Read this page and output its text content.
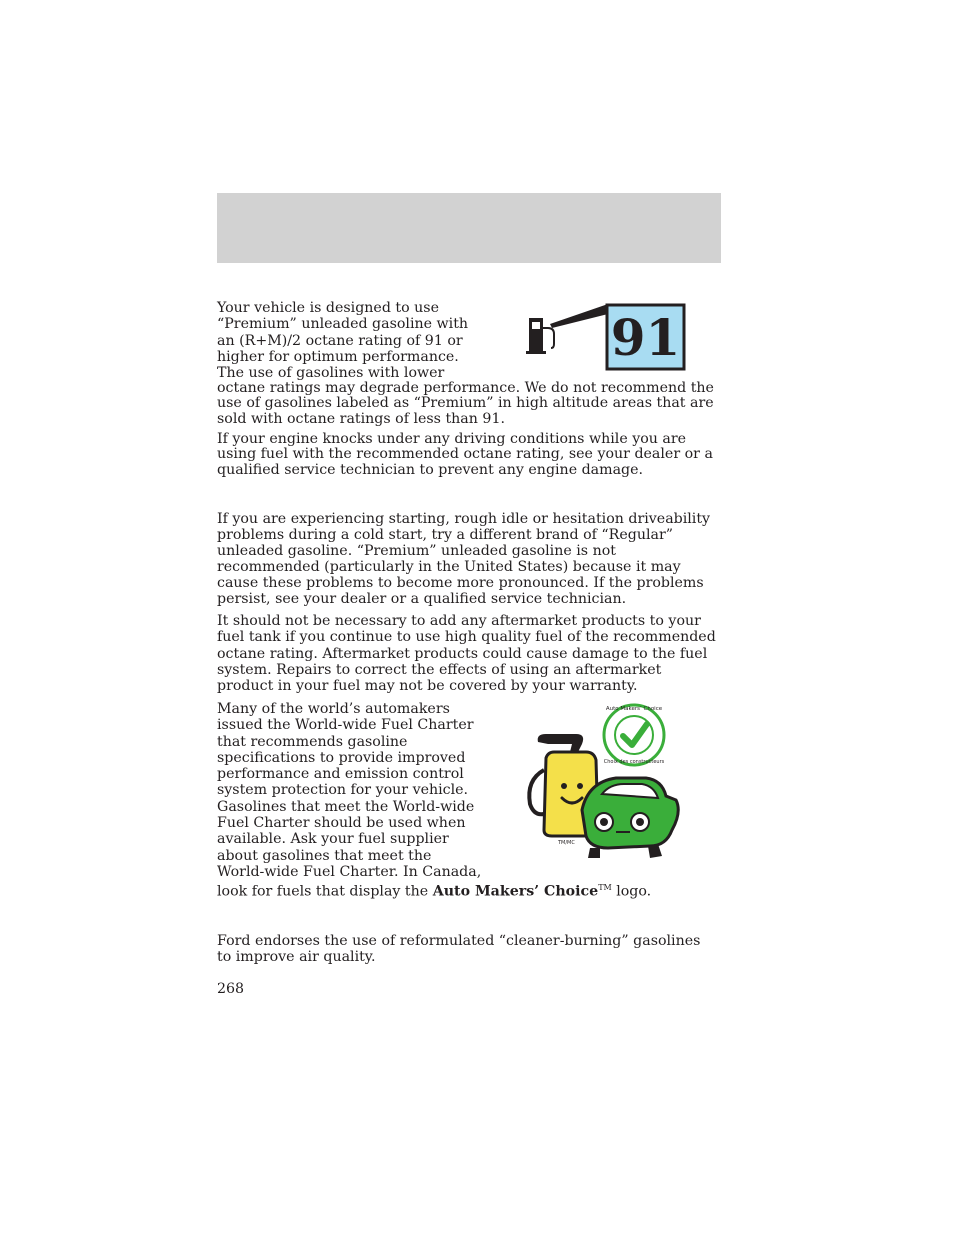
91
Your vehicle is designed to use
“Premium” unleaded gasoline with
an (R+M)/2 octane rating of 91 or
higher for optimum performance.
The use of gasolines with lower

octane ratings may degrade performance. We do not recommend the use of gasolines labeled as “Premium” in high altitude areas that are sold with octane ratings of less than 91.

If your engine knocks under any driving conditions while you are using fuel with the recommended octane rating, see your dealer or a qualified service technician to prevent any engine damage.

If you are experiencing starting, rough idle or hesitation driveability problems during a cold start, try a different brand of “Regular” unleaded gasoline. “Premium” unleaded gasoline is not recommended (particularly in the United States) because it may cause these problems to become more pronounced. If the problems persist, see your dealer or a qualified service technician.

It should not be necessary to add any aftermarket products to your fuel tank if you continue to use high quality fuel of the recommended octane rating. Aftermarket products could cause damage to the fuel system. Repairs to correct the effects of using an aftermarket product in your fuel may not be covered by your warranty.

Auto Makers’ Choice
Choix des constructeurs
TM/MC
Many of the world’s automakers
issued the World-wide Fuel Charter
that recommends gasoline
specifications to provide improved
performance and emission control
system protection for your vehicle.
Gasolines that meet the World-wide
Fuel Charter should be used when
available. Ask your fuel supplier
about gasolines that meet the
World-wide Fuel Charter. In Canada,
look for fuels that display the Auto Makers’ Choice™ logo.

Ford endorses the use of reformulated “cleaner-burning” gasolines to improve air quality.

268
